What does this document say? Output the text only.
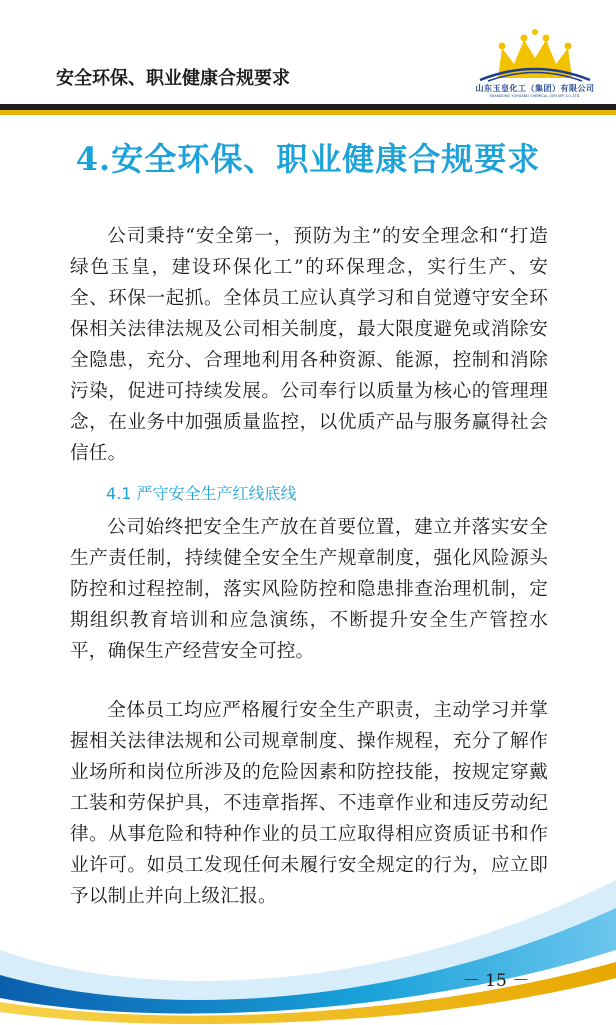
安全环保、职业健康合规要求	山东玉皇化工（集团）有限公司
SHANDONG YUHUANG CHEMICAL (GROUP) CO.,LTD.
4.安全环保、职业健康合规要求

公司秉持“安全第一，预防为主”的安全理念和“打造绿色玉皇，建设环保化工”的环保理念，实行生产、安全、环保一起抓。全体员工应认真学习和自觉遵守安全环保相关法律法规及公司相关制度，最大限度避免或消除安全隐患，充分、合理地利用各种资源、能源，控制和消除污染，促进可持续发展。公司奉行以质量为核心的管理理念，在业务中加强质量监控，以优质产品与服务赢得社会信任。

4.1 严守安全生产红线底线

公司始终把安全生产放在首要位置，建立并落实安全生产责任制，持续健全安全生产规章制度，强化风险源头防控和过程控制，落实风险防控和隐患排查治理机制，定期组织教育培训和应急演练，不断提升安全生产管控水平，确保生产经营安全可控。

全体员工均应严格履行安全生产职责，主动学习并掌握相关法律法规和公司规章制度、操作规程，充分了解作业场所和岗位所涉及的危险因素和防控技能，按规定穿戴工装和劳保护具，不违章指挥、不违章作业和违反劳动纪律。从事危险和特种作业的员工应取得相应资质证书和作业许可。如员工发现任何未履行安全规定的行为，应立即予以制止并向上级汇报。

－ 15 －
